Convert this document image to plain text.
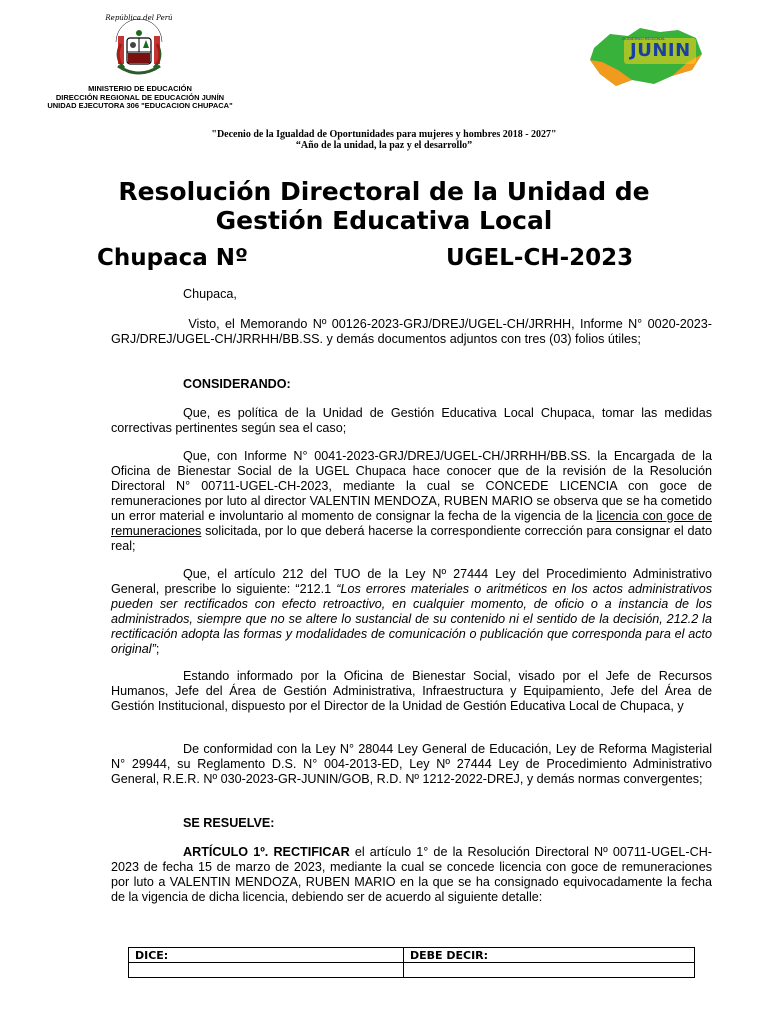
República del Perú
MINISTERIO DE EDUCACIÓN
DIRECCIÓN REGIONAL DE EDUCACIÓN JUNÍN
UNIDAD EJECUTORA 306 "EDUCACION CHUPACA"
GOBIERNO REGIONAL
JUNIN
"Decenio de la Igualdad de Oportunidades para mujeres y hombres 2018 - 2027"
“Año de la unidad, la paz y el desarrollo”
Resolución Directoral de la Unidad de
Gestión Educativa Local
Chupaca Nº	UGEL-CH-2023
Chupaca,
Visto, el Memorando Nº 00126-2023-GRJ/DREJ/UGEL-CH/JRRHH, Informe N° 0020-2023-GRJ/DREJ/UGEL-CH/JRRHH/BB.SS. y demás documentos adjuntos con tres (03) folios útiles;
CONSIDERANDO:
Que, es política de la Unidad de Gestión Educativa Local Chupaca, tomar las medidas correctivas pertinentes según sea el caso;
Que, con Informe N° 0041-2023-GRJ/DREJ/UGEL-CH/JRRHH/BB.SS. la Encargada de la Oficina de Bienestar Social de la UGEL Chupaca hace conocer que de la revisión de la Resolución Directoral N° 00711-UGEL-CH-2023, mediante la cual se CONCEDE LICENCIA con goce de remuneraciones por luto al director VALENTIN MENDOZA, RUBEN MARIO se observa que se ha cometido un error material e involuntario al momento de consignar la fecha de la vigencia de la licencia con goce de remuneraciones solicitada, por lo que deberá hacerse la correspondiente corrección para consignar el dato real;
Que, el artículo 212 del TUO de la Ley Nº 27444 Ley del Procedimiento Administrativo General, prescribe lo siguiente: “212.1 “Los errores materiales o aritméticos en los actos administrativos pueden ser rectificados con efecto retroactivo, en cualquier momento, de oficio o a instancia de los administrados, siempre que no se altere lo sustancial de su contenido ni el sentido de la decisión, 212.2 la rectificación adopta las formas y modalidades de comunicación o publicación que corresponda para el acto original”;
Estando informado por la Oficina de Bienestar Social, visado por el Jefe de Recursos Humanos, Jefe del Área de Gestión Administrativa, Infraestructura y Equipamiento, Jefe del Área de Gestión Institucional, dispuesto por el Director de la Unidad de Gestión Educativa Local de Chupaca, y
De conformidad con la Ley N° 28044 Ley General de Educación, Ley de Reforma Magisterial N° 29944, su Reglamento D.S. N° 004-2013-ED, Ley Nº 27444 Ley de Procedimiento Administrativo General, R.E.R. Nº 030-2023-GR-JUNIN/GOB, R.D. Nº 1212-2022-DREJ, y demás normas convergentes;
SE RESUELVE:
ARTÍCULO 1º. RECTIFICAR el artículo 1° de la Resolución Directoral Nº 00711-UGEL-CH-2023 de fecha 15 de marzo de 2023, mediante la cual se concede licencia con goce de remuneraciones por luto a VALENTIN MENDOZA, RUBEN MARIO en la que se ha consignado equivocadamente la fecha de la vigencia de dicha licencia, debiendo ser de acuerdo al siguiente detalle:
DICE:	DEBE DECIR:
